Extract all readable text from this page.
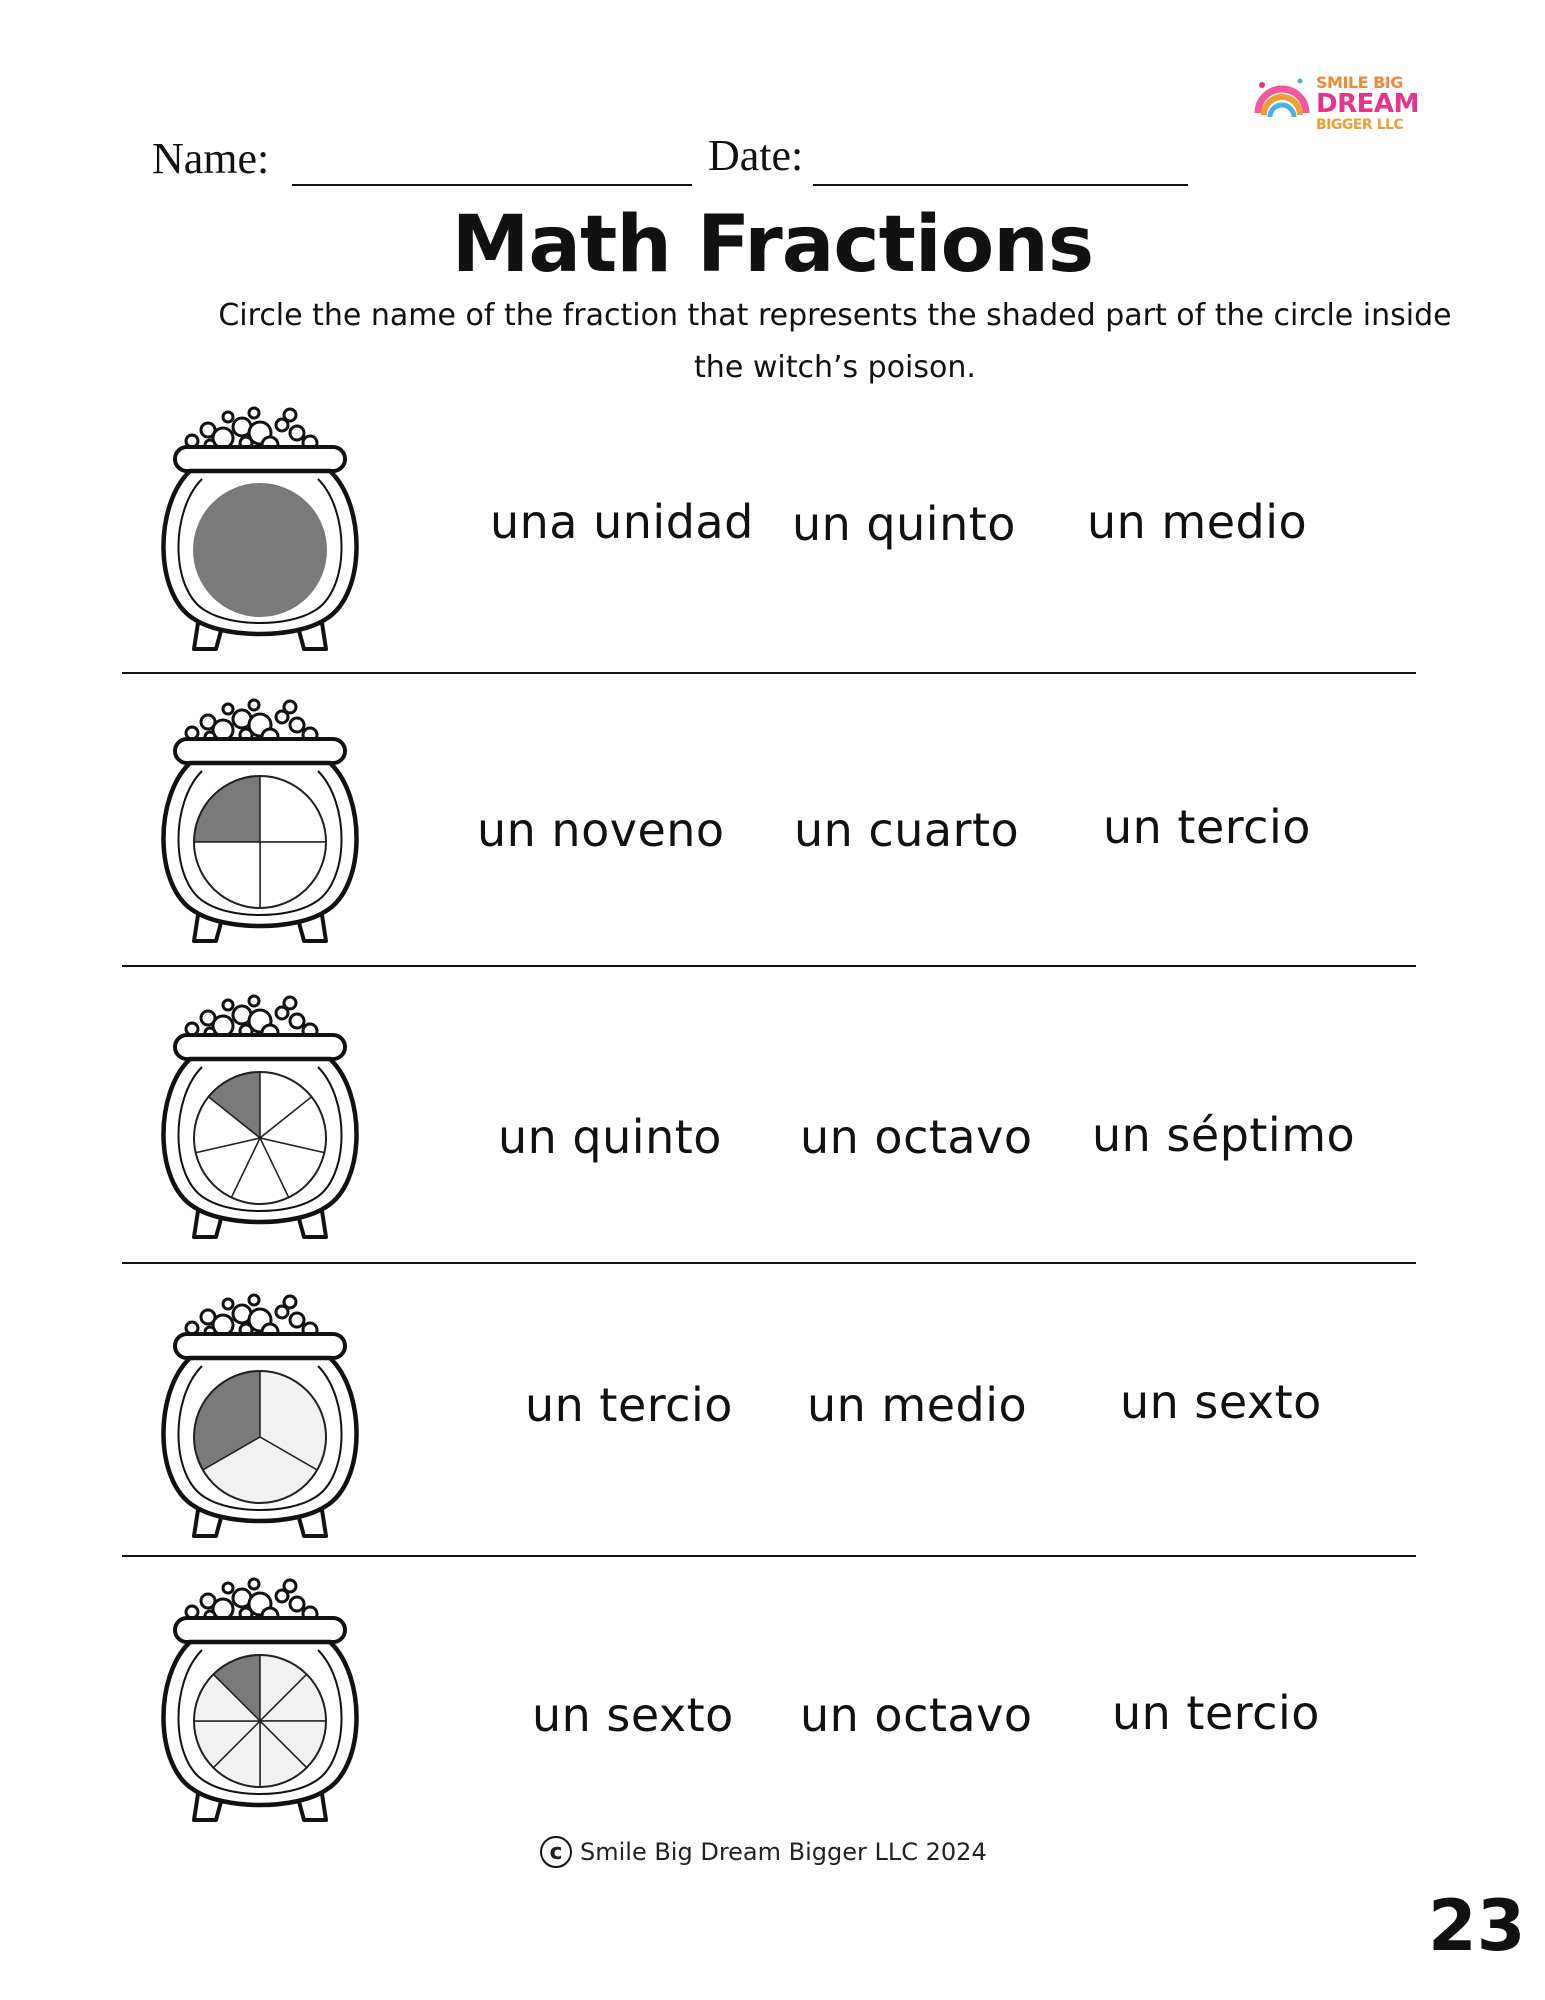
SMILE BIG
DREAM
BIGGER LLC
Name:	Date:
Math Fractions
Circle the name of the fraction that represents the shaded part of the circle inside the witch’s poison.
una unidad un quinto un medio
un noveno un cuarto un tercio
un quinto un octavo un séptimo
un tercio un medio un sexto
un sexto un octavo un tercio
c Smile Big Dream Bigger LLC 2024
23
